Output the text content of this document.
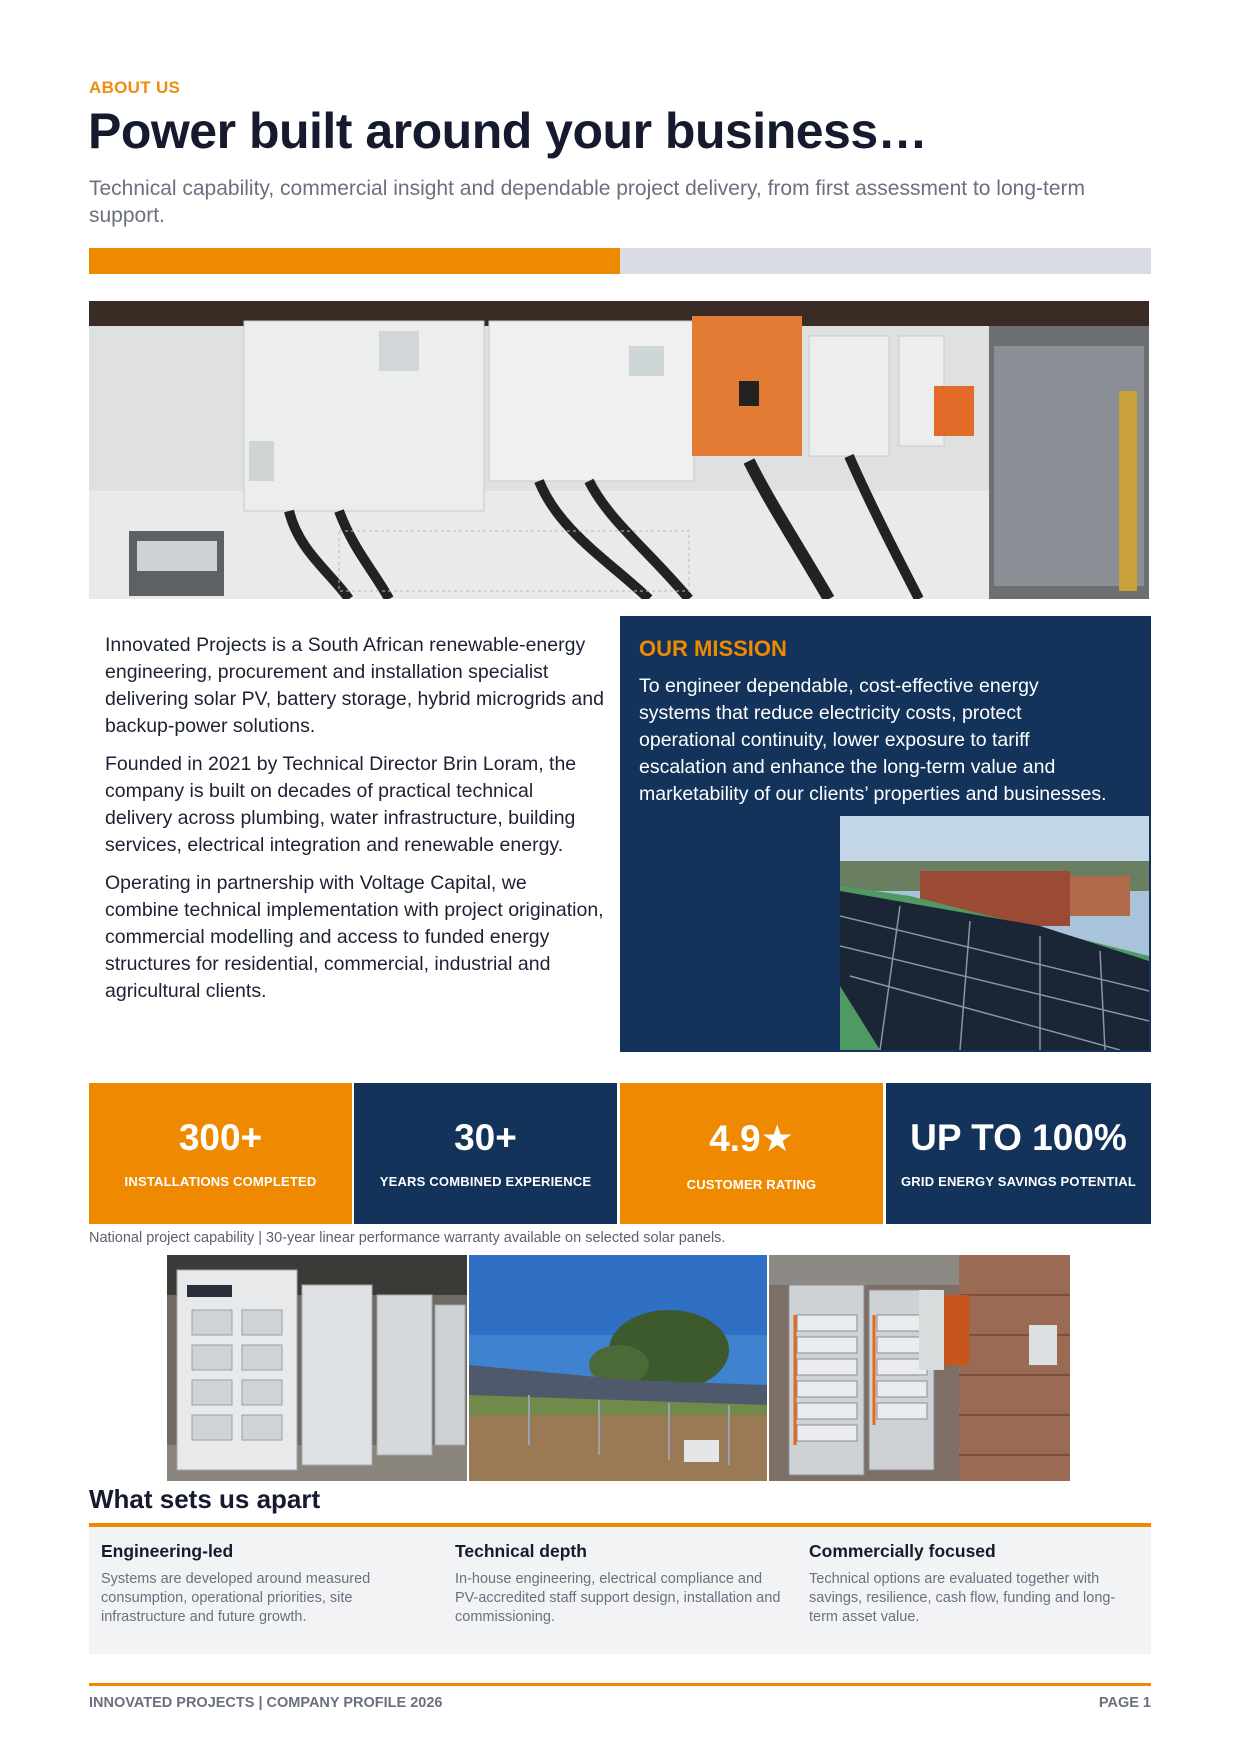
ABOUT US
Power built around your business…
Technical capability, commercial insight and dependable project delivery, from first assessment to long-term support.

Innovated Projects is a South African renewable-energy engineering, procurement and installation specialist delivering solar PV, battery storage, hybrid microgrids and backup-power solutions.

Founded in 2021 by Technical Director Brin Loram, the company is built on decades of practical technical delivery across plumbing, water infrastructure, building services, electrical integration and renewable energy.

Operating in partnership with Voltage Capital, we combine technical implementation with project origination, commercial modelling and access to funded energy structures for residential, commercial, industrial and agricultural clients.

OUR MISSION
To engineer dependable, cost-effective energy systems that reduce electricity costs, protect operational continuity, lower exposure to tariff escalation and enhance the long-term value and marketability of our clients’ properties and businesses.
300+
INSTALLATIONS COMPLETED
30+
YEARS COMBINED EXPERIENCE
4.9★
CUSTOMER RATING
UP TO 100%
GRID ENERGY SAVINGS POTENTIAL
National project capability | 30-year linear performance warranty available on selected solar panels.
What sets us apart
Engineering-led
Systems are developed around measured consumption, operational priorities, site infrastructure and future growth.
Technical depth
In-house engineering, electrical compliance and PV-accredited staff support design, installation and commissioning.
Commercially focused
Technical options are evaluated together with savings, resilience, cash flow, funding and long-term asset value.
INNOVATED PROJECTS | COMPANY PROFILE 2026	PAGE 1
